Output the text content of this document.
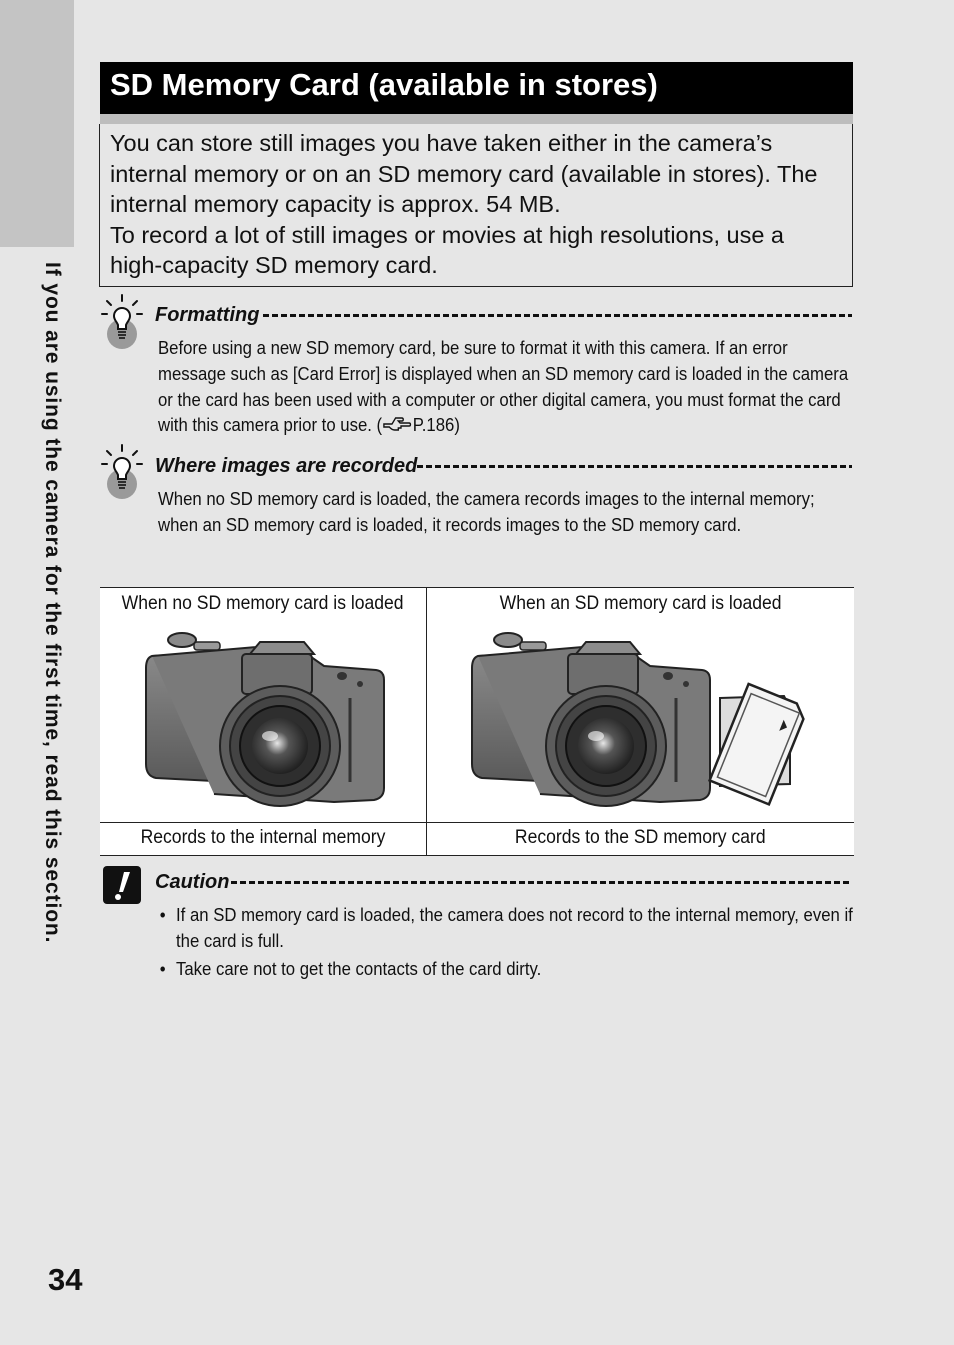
If you are using the camera for the first time, read this section.
SD Memory Card (available in stores)

You can store still images you have taken either in the camera’s internal memory or on an SD memory card (available in stores). The internal memory capacity is approx. 54 MB.

To record a lot of still images or movies at high resolutions, use a high-capacity SD memory card.

Formatting
Before using a new SD memory card, be sure to format it with this camera. If an error message such as [Card Error] is displayed when an SD memory card is loaded in the camera or the card has been used with a computer or other digital camera, you must format the card with this camera prior to use. ( P.186)
Where images are recorded
When no SD memory card is loaded, the camera records images to the internal memory; when an SD memory card is loaded, it records images to the SD memory card.
When no SD memory card is loaded	When an SD memory card is loaded
Records to the internal memory	Records to the SD memory card
Caution
• If an SD memory card is loaded, the camera does not record to the internal memory, even if the card is full.
• Take care not to get the contacts of the card dirty.
34
